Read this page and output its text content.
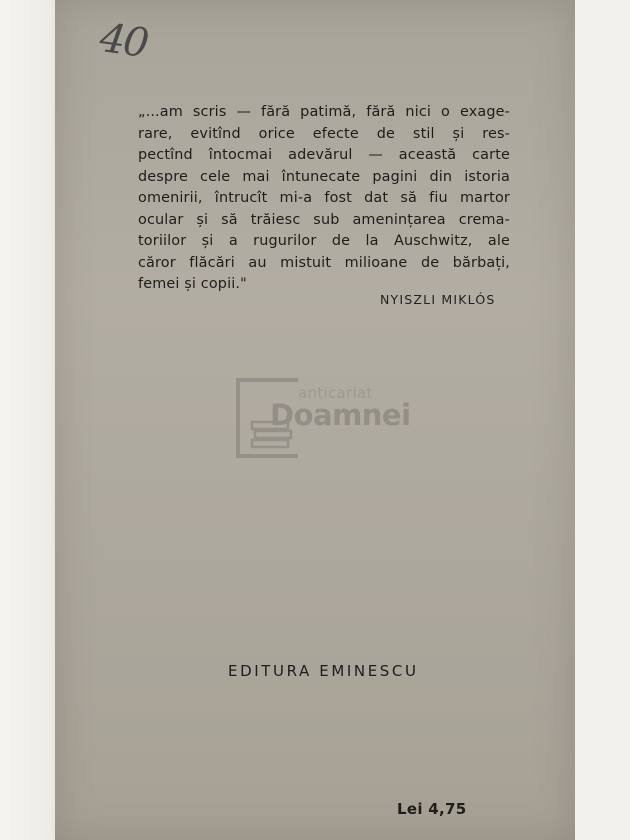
40
„...am scris — fără patimă, fără nici o exage-
rare, evitînd orice efecte de stil și res-
pectînd întocmai adevărul — această carte
despre cele mai întunecate pagini din istoria
omenirii, întrucît mi-a fost dat să fiu martor
ocular și să trăiesc sub amenințarea crema-
toriilor și a rugurilor de la Auschwitz, ale
căror flăcări au mistuit milioane de bărbați,
femei și copii."
NYISZLI MIKLÓS
anticariat
Doamnei
EDITURA EMINESCU
Lei 4,75
